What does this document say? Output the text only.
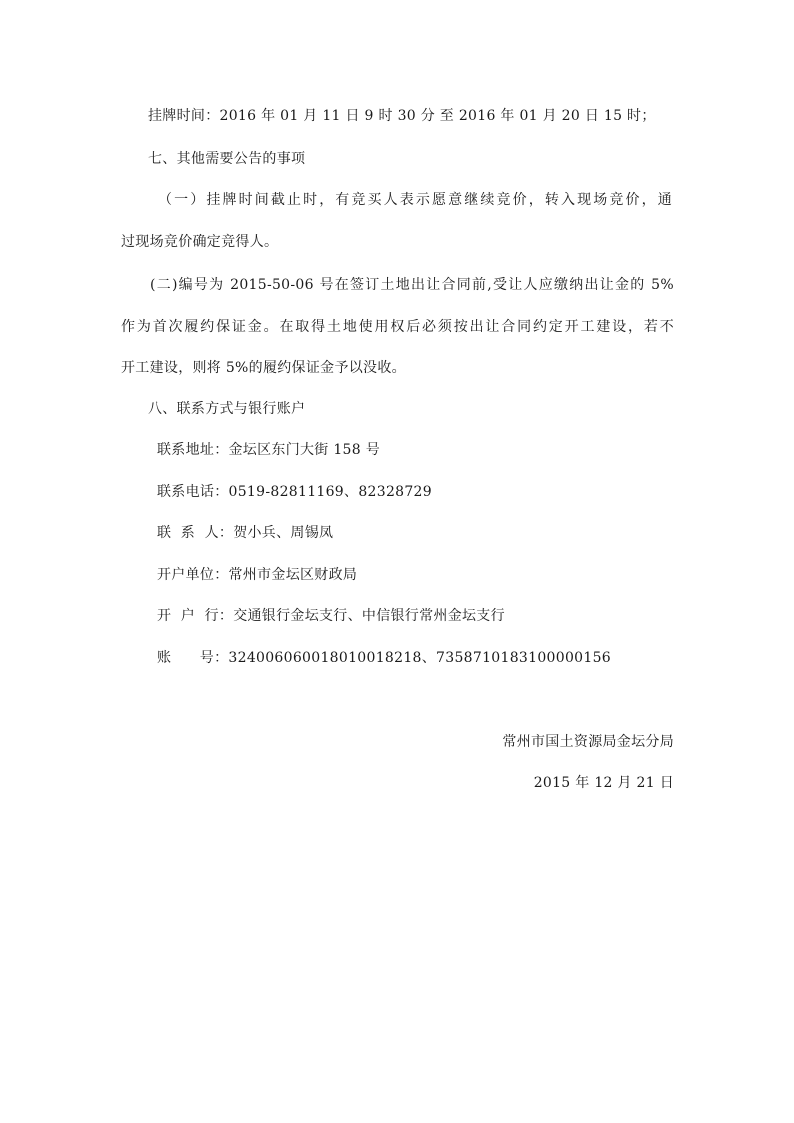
挂牌时间：2016 年 01 月 11 日 9 时 30 分 至 2016 年 01 月 20 日 15 时；
七、其他需要公告的事项
（一）挂牌时间截止时，有竞买人表示愿意继续竞价，转入现场竞价，通
过现场竞价确定竞得人。
(二)编号为 2015-50-06 号在签订土地出让合同前,受让人应缴纳出让金的 5%
作为首次履约保证金。在取得土地使用权后必须按出让合同约定开工建设，若不
开工建设，则将 5%的履约保证金予以没收。
八、联系方式与银行账户
联系地址：金坛区东门大街 158 号
联系电话：0519-82811169、82328729
联  系  人：贺小兵、周锡凤
开户单位：常州市金坛区财政局
开  户  行：交通银行金坛支行、中信银行常州金坛支行
账      号：324006060018010018218、7358710183100000156
常州市国土资源局金坛分局
2015 年 12 月 21 日
